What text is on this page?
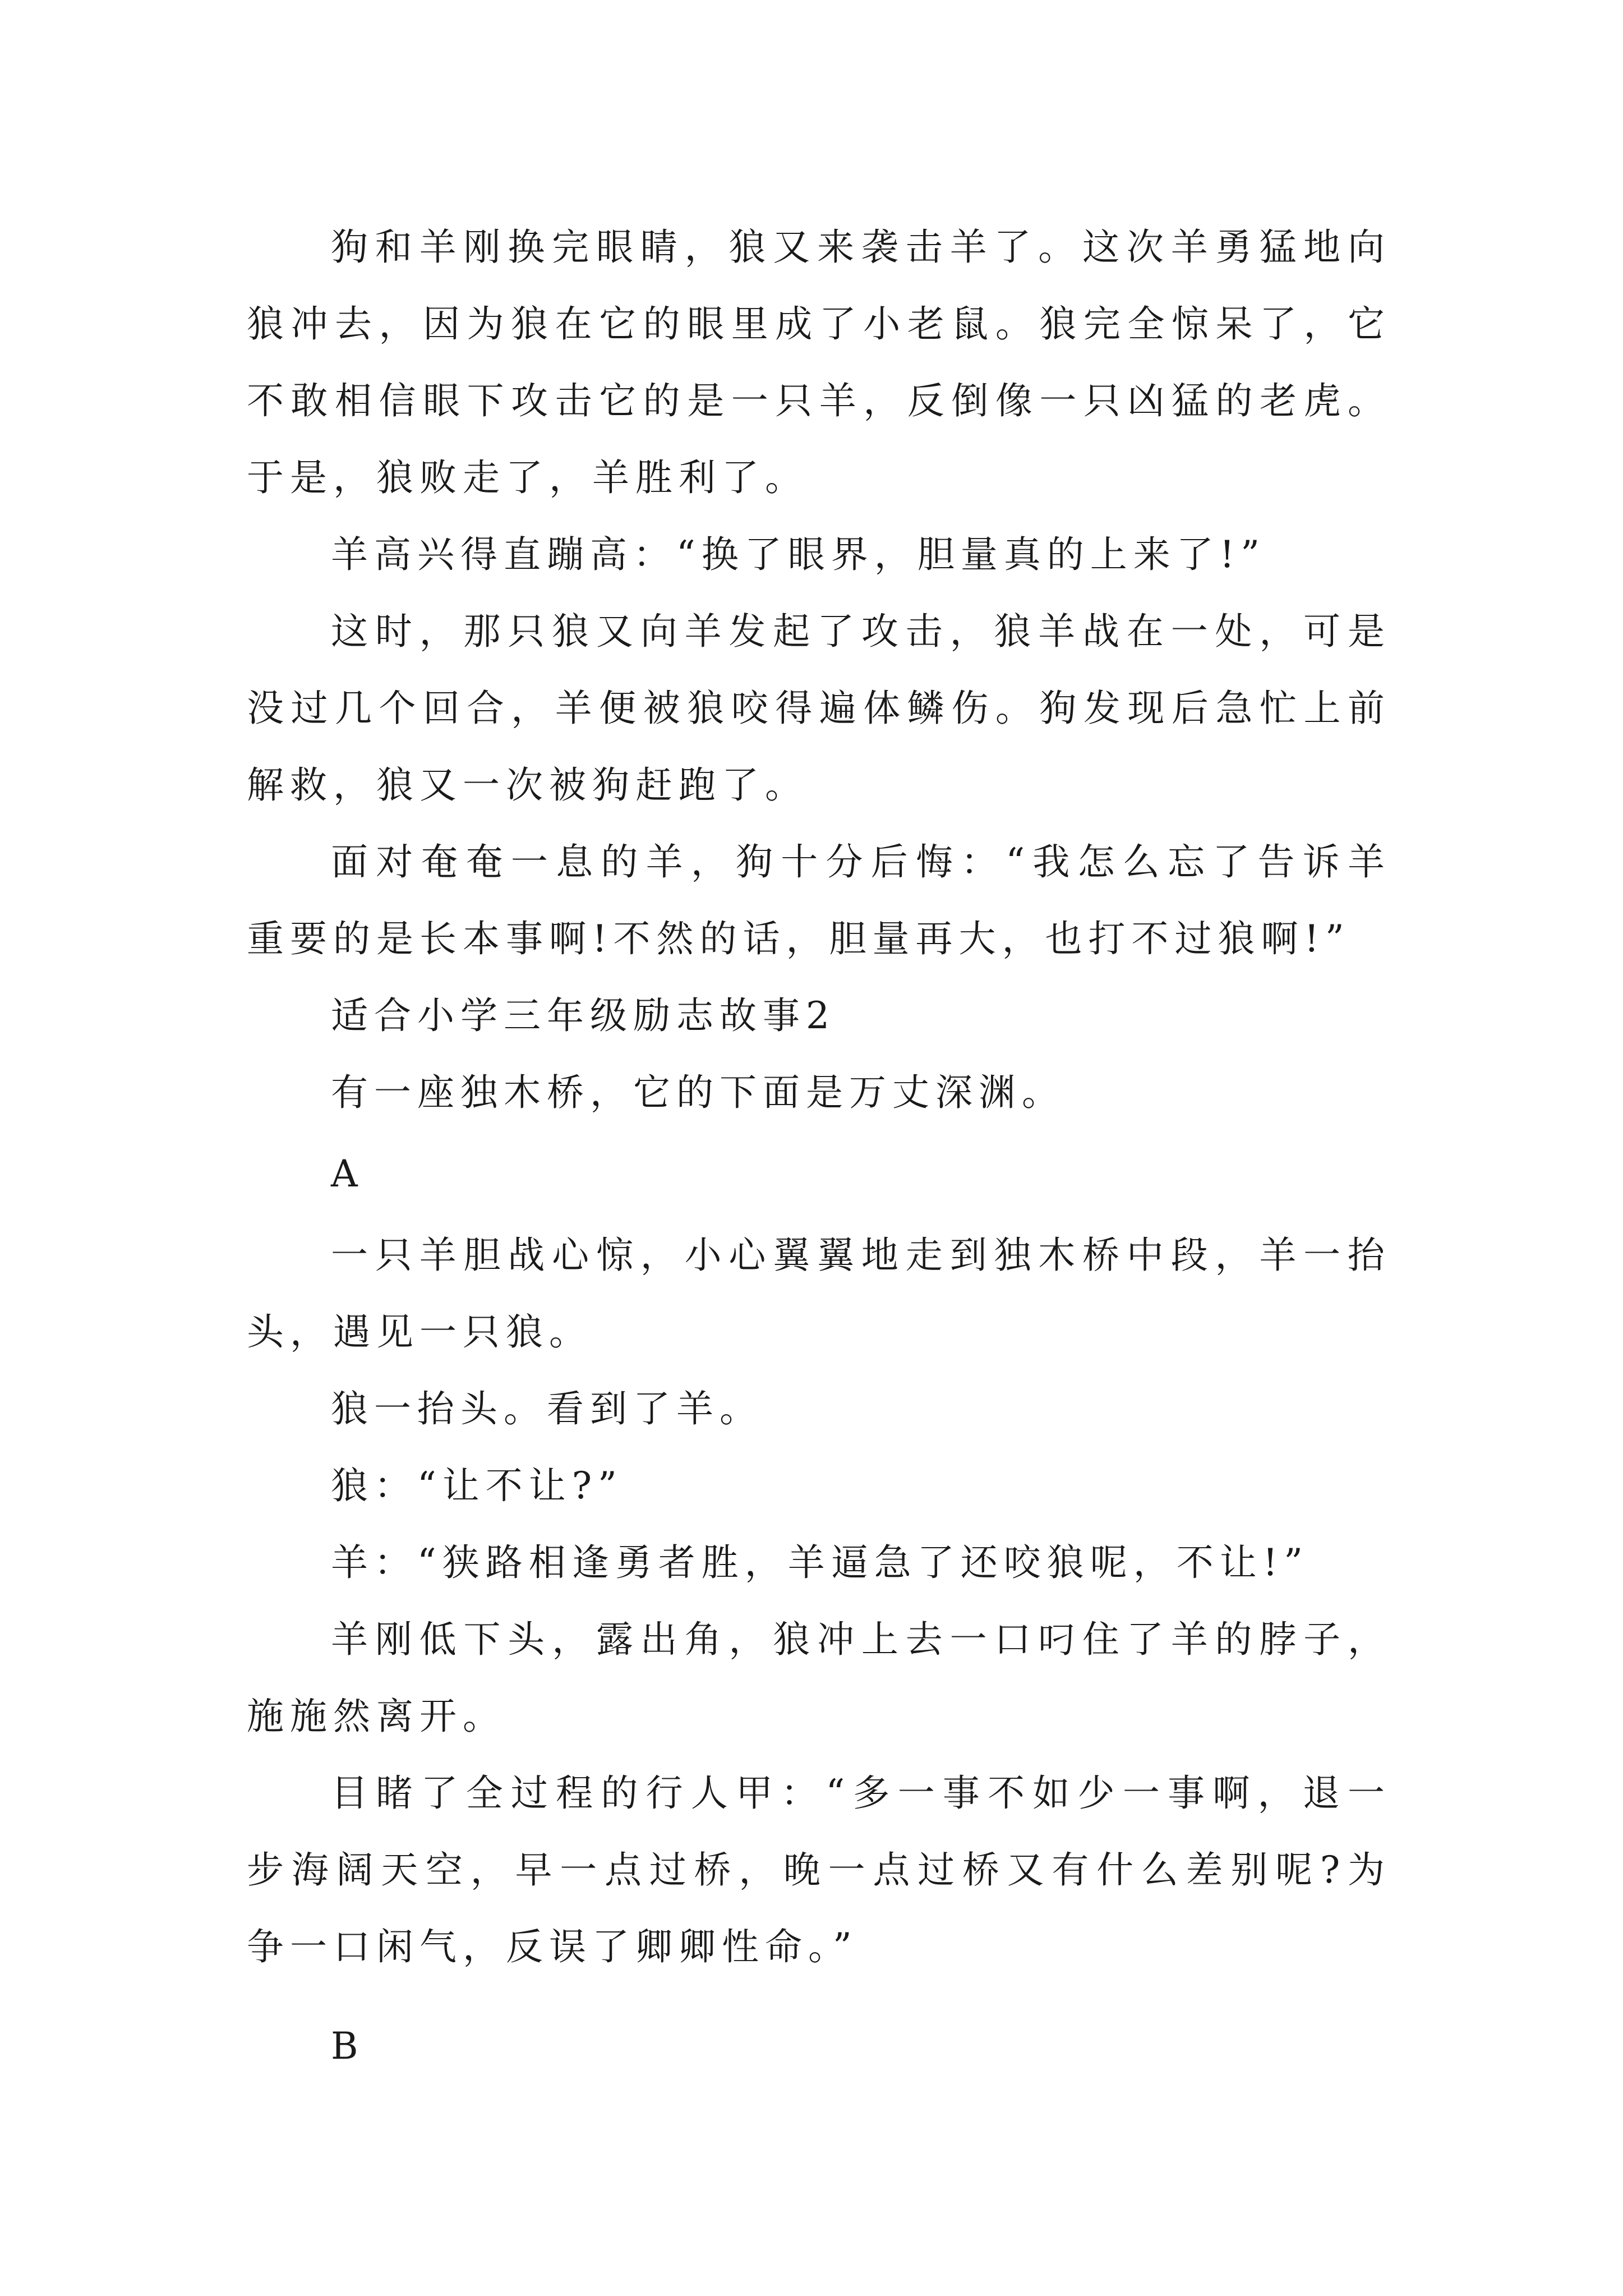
狗和羊刚换完眼睛，狼又来袭击羊了。这次羊勇猛地向狼冲去，因为狼在它的眼里成了小老鼠。狼完全惊呆了，它不敢相信眼下攻击它的是一只羊，反倒像一只凶猛的老虎。于是，狼败走了，羊胜利了。

羊高兴得直蹦高：“换了眼界，胆量真的上来了!”

这时，那只狼又向羊发起了攻击，狼羊战在一处，可是没过几个回合，羊便被狼咬得遍体鳞伤。狗发现后急忙上前解救，狼又一次被狗赶跑了。

面对奄奄一息的羊，狗十分后悔：“我怎么忘了告诉羊重要的是长本事啊!不然的话，胆量再大，也打不过狼啊!”

适合小学三年级励志故事2

有一座独木桥，它的下面是万丈深渊。

A

一只羊胆战心惊，小心翼翼地走到独木桥中段，羊一抬头，遇见一只狼。

狼一抬头。看到了羊。

狼：“让不让?”

羊：“狭路相逢勇者胜，羊逼急了还咬狼呢，不让!”

羊刚低下头，露出角，狼冲上去一口叼住了羊的脖子，施施然离开。

目睹了全过程的行人甲：“多一事不如少一事啊，退一步海阔天空，早一点过桥，晚一点过桥又有什么差别呢?为争一口闲气，反误了卿卿性命。”

B
